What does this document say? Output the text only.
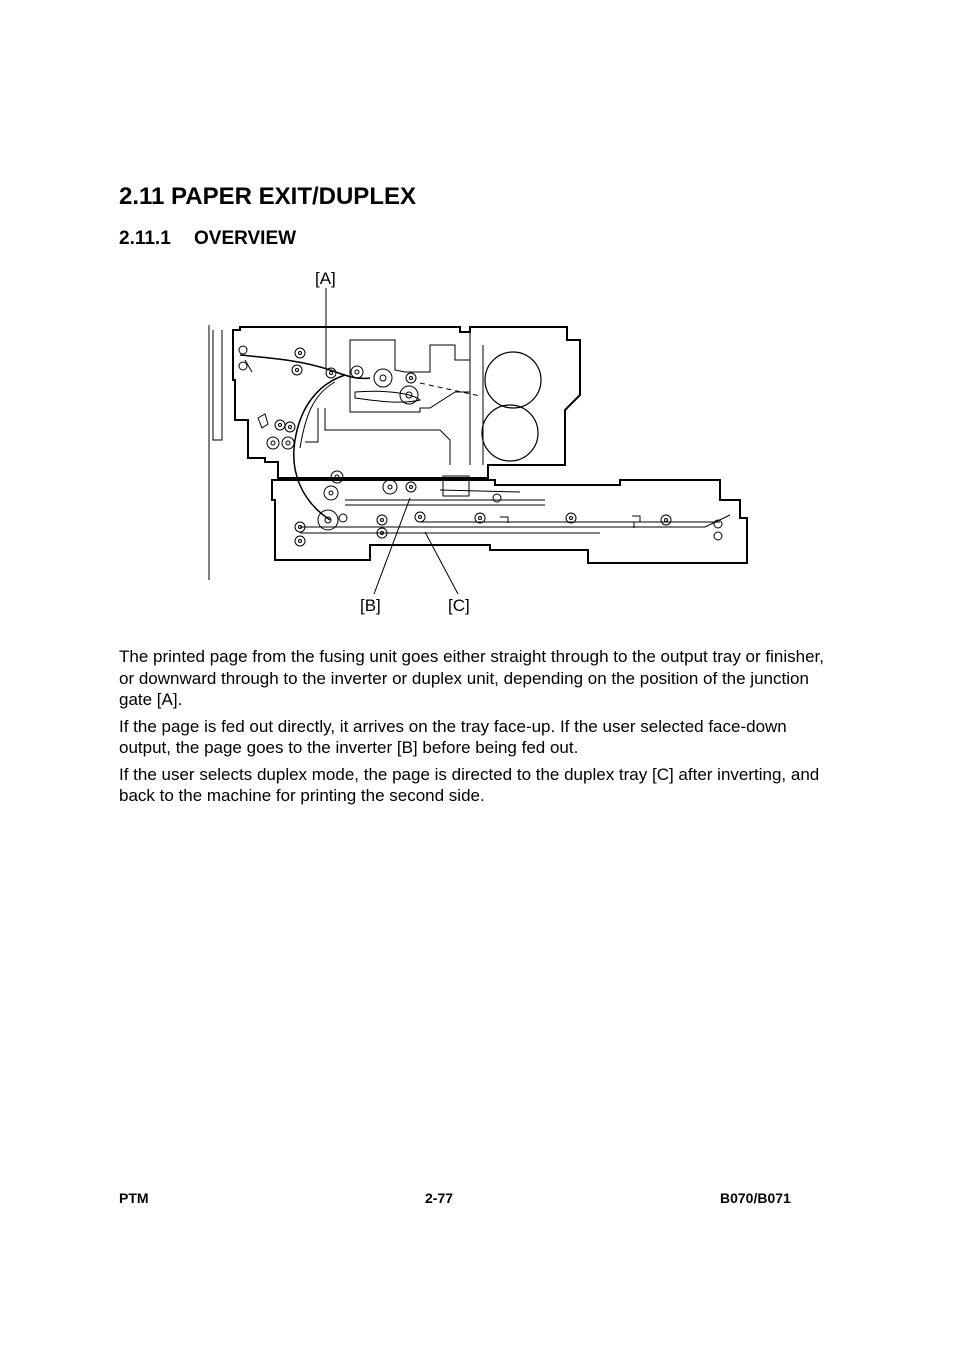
2.11 PAPER EXIT/DUPLEX
2.11.1 OVERVIEW
[A]
[B]	[C]

The printed page from the fusing unit goes either straight through to the output tray or finisher, or downward through to the inverter or duplex unit, depending on the position of the junction gate [A].

If the page is fed out directly, it arrives on the tray face-up. If the user selected face-down output, the page goes to the inverter [B] before being fed out.

If the user selects duplex mode, the page is directed to the duplex tray [C] after inverting, and back to the machine for printing the second side.

PTM	2-77	B070/B071
